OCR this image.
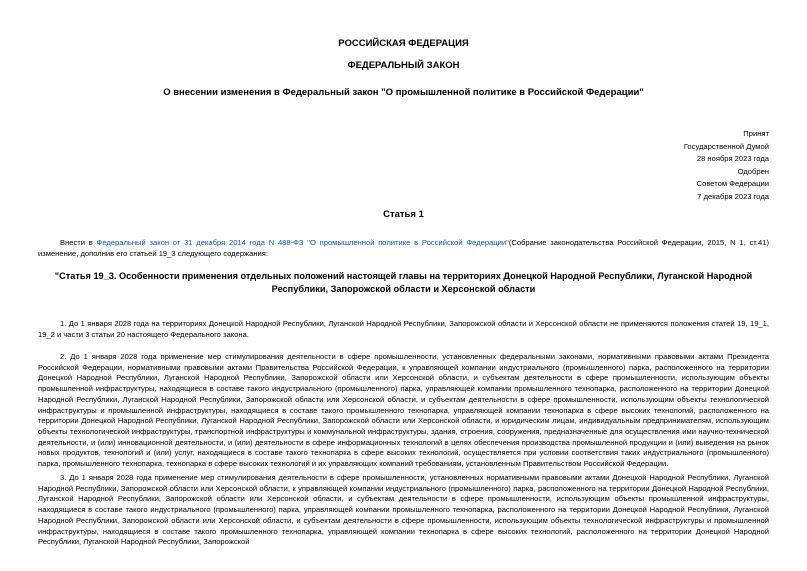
РОССИЙСКАЯ ФЕДЕРАЦИЯ
ФЕДЕРАЛЬНЫЙ ЗАКОН
О внесении изменения в Федеральный закон "О промышленной политике в Российской Федерации"
Принят
Государственной Думой
28 ноября 2023 года
Одобрен
Советом Федерации
7 декабря 2023 года
Статья 1
Внести в Федеральный закон от 31 декабря 2014 года N 488-ФЗ "О промышленной политике в Российской Федерации"(Собрание законодательства Российской Федерации, 2015, N 1, ст.41) изменение, дополнив его статьей 19_3 следующего содержания:
"Статья 19_3. Особенности применения отдельных положений настоящей главы на территориях Донецкой Народной Республики, Луганской Народной Республики, Запорожской области и Херсонской области
1. До 1 января 2028 года на территориях Донецкой Народной Республики, Луганской Народной Республики, Запорожской области и Херсонской области не применяются положения статей 19, 19_1, 19_2 и части 3 статьи 20 настоящего Федерального закона.
2. До 1 января 2028 года применение мер стимулирования деятельности в сфере промышленности, установленных федеральными законами, нормативными правовыми актами Президента Российской Федерации, нормативными правовыми актами Правительства Российской Федерации, к управляющей компании индустриального (промышленного) парка, расположенного на территории Донецкой Народной Республики, Луганской Народной Республики, Запорожской области или Херсонской области, и субъектам деятельности в сфере промышленности, использующим объекты промышленной инфраструктуры, находящиеся в составе такого индустриального (промышленного) парка, управляющей компании промышленного технопарка, расположенного на территории Донецкой Народной Республики, Луганской Народной Республики, Запорожской области или Херсонской области, и субъектам деятельности в сфере промышленности, использующим объекты технологической инфраструктуры и промышленной инфраструктуры, находящиеся в составе такого промышленного технопарка, управляющей компании технопарка в сфере высоких технологий, расположенного на территории Донецкой Народной Республики, Луганской Народной Республики, Запорожской области или Херсонской области, и юридическим лицам, индивидуальным предпринимателям, использующим объекты технологической инфраструктуры, транспортной инфраструктуры и коммунальной инфраструктуры, здания, строения, сооружения, предназначенные для осуществления ими научно-технической деятельности, и (или) инновационной деятельности, и (или) деятельности в сфере информационных технологий в целях обеспечения производства промышленной продукции и (или) выведения на рынок новых продуктов, технологий и (или) услуг, находящиеся в составе такого технопарка в сфере высоких технологий, осуществляется при условии соответствия таких индустриального (промышленного) парка, промышленного технопарка, технопарка в сфере высоких технологий и их управляющих компаний требованиям, установленным Правительством Российской Федерации.
3. До 1 января 2028 года применение мер стимулирования деятельности в сфере промышленности, установленных нормативными правовыми актами Донецкой Народной Республики, Луганской Народной Республики, Запорожской области или Херсонской области, к управляющей компании индустриального (промышленного) парка, расположенного на территории Донецкой Народной Республики, Луганской Народной Республики, Запорожской области или Херсонской области, и субъектам деятельности в сфере промышленности, использующим объекты промышленной инфраструктуры, находящиеся в составе такого индустриального (промышленного) парка, управляющей компании промышленного технопарка, расположенного на территории Донецкой Народной Республики, Луганской Народной Республики, Запорожской области или Херсонской области, и субъектам деятельности в сфере промышленности, использующим объекты технологической инфраструктуры и промышленной инфраструктуры, находящиеся в составе такого промышленного технопарка, управляющей компании технопарка в сфере высоких технологий, расположенного на территории Донецкой Народной Республики, Луганской Народной Республики, Запорожской
